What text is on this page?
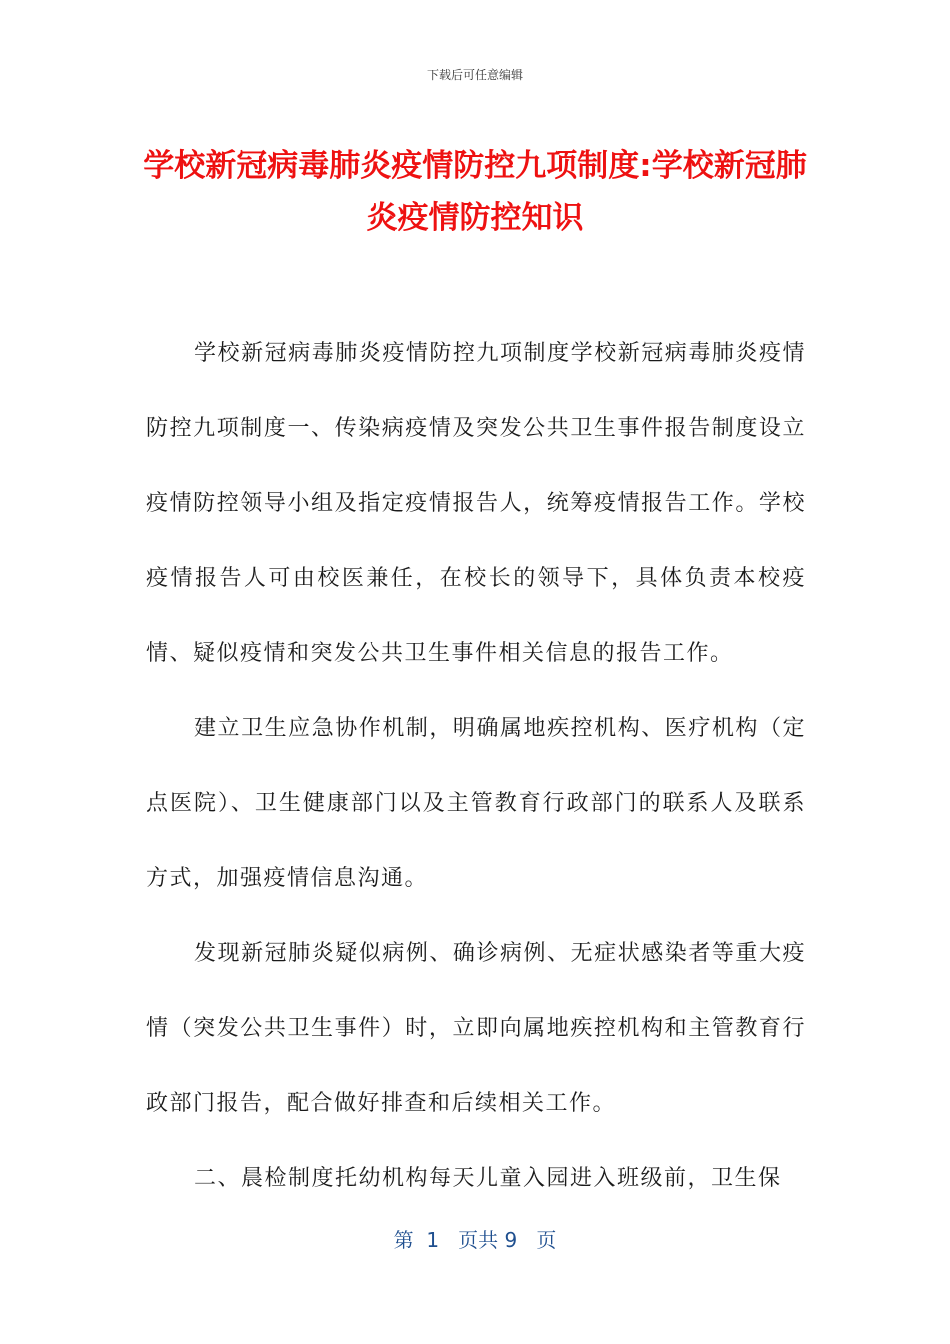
下载后可任意编辑
学校新冠病毒肺炎疫情防控九项制度:学校新冠肺炎疫情防控知识

学校新冠病毒肺炎疫情防控九项制度学校新冠病毒肺炎疫情防控九项制度一、传染病疫情及突发公共卫生事件报告制度设立疫情防控领导小组及指定疫情报告人，统筹疫情报告工作。学校疫情报告人可由校医兼任，在校长的领导下，具体负责本校疫情、疑似疫情和突发公共卫生事件相关信息的报告工作。

建立卫生应急协作机制，明确属地疾控机构、医疗机构（定点医院）、卫生健康部门以及主管教育行政部门的联系人及联系方式，加强疫情信息沟通。

发现新冠肺炎疑似病例、确诊病例、无症状感染者等重大疫情（突发公共卫生事件）时，立即向属地疾控机构和主管教育行政部门报告，配合做好排查和后续相关工作。

二、晨检制度托幼机构每天儿童入园进入班级前，卫生保

第  1   页共 9   页
